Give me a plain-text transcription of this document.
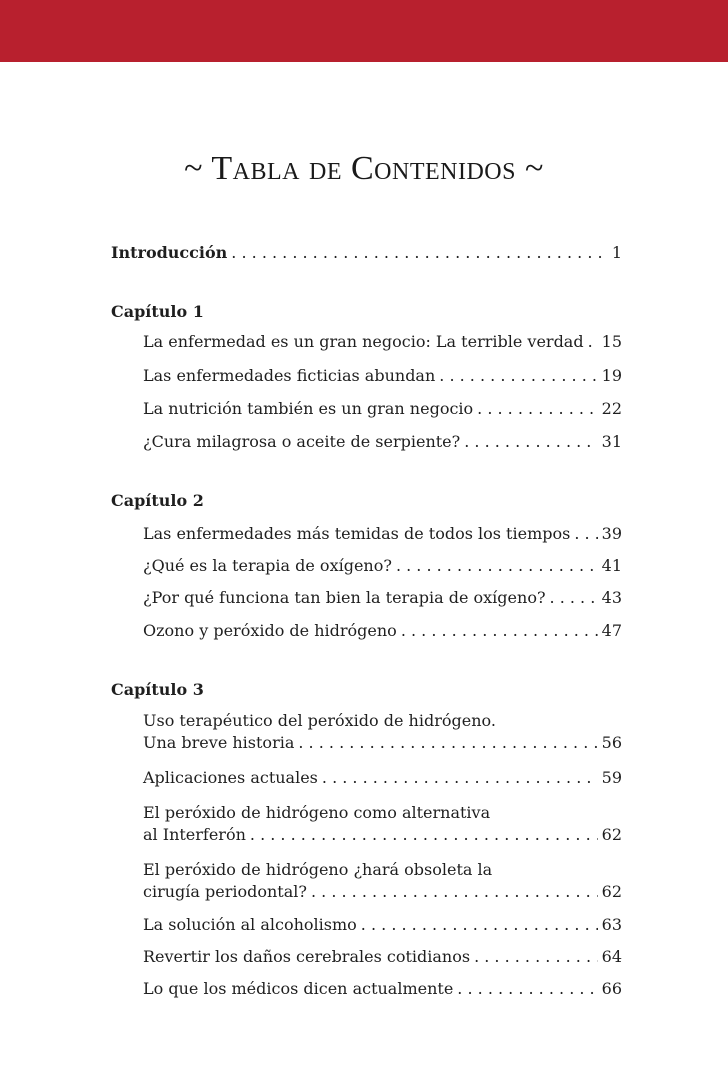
~ Tabla de Contenidos ~
Introducción . . .	1
Capítulo 1
La enfermedad es un gran negocio: La terrible verdad . . . 15
Las enfermedades ficticias abundan . . .	19
La nutrición también es un gran negocio . . .	22
¿Cura milagrosa o aceite de serpiente? . . .	31
Capítulo 2
Las enfermedades más temidas de todos los tiempos . . . 39
¿Qué es la terapia de oxígeno? . . .	41
¿Por qué funciona tan bien la terapia de oxígeno? . . .	43
Ozono y peróxido de hidrógeno . . .	47
Capítulo 3
Uso terapéutico del peróxido de hidrógeno.
Una breve historia . . .	56
Aplicaciones actuales . . .	59
El peróxido de hidrógeno como alternativa
al Interferón . . .	62
El peróxido de hidrógeno ¿hará obsoleta la
cirugía periodontal? . . .	62
La solución al alcoholismo . . .	63
Revertir los daños cerebrales cotidianos . . .	64
Lo que los médicos dicen actualmente . . .	66
